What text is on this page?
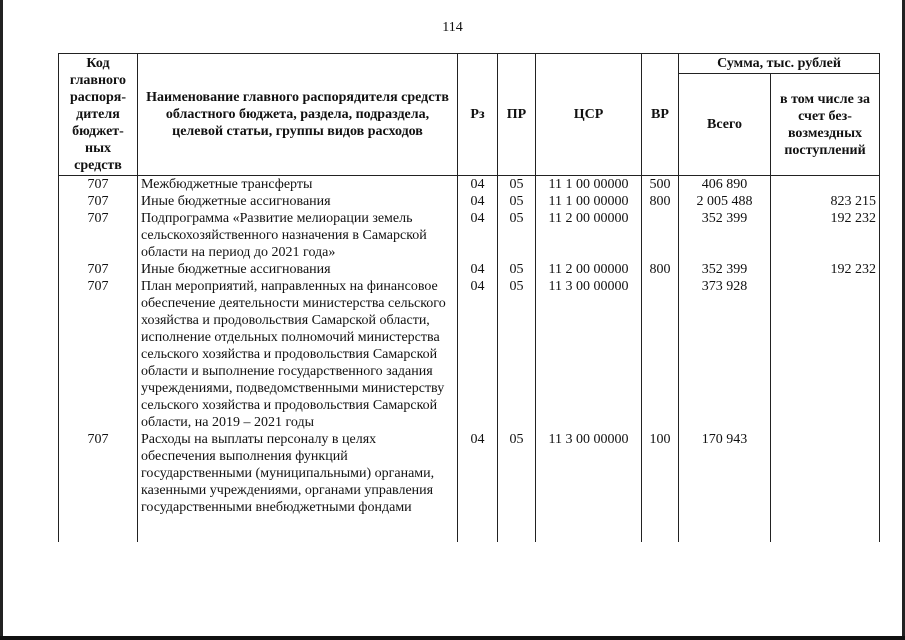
114
Код главного распоря-дителя бюджет-ных средств	Наименование главного распорядителя средств областного бюджета, раздела, подраздела, целевой статьи, группы видов расходов	Рз	ПР	ЦСР	ВР	Сумма, тыс. рублей	
						Всего	в том числе за счет без-возмездных поступлений
707	Межбюджетные трансферты	04	05	11 1 00 00000	500	406 890	
707	Иные бюджетные ассигнования	04	05	11 1 00 00000	800	2 005 488	823 215
707	Подпрограмма «Развитие мелиорации земель сельскохозяйственного назначения в Самарской области на период до 2021 года»	04	05	11 2 00 00000		352 399	192 232
707	Иные бюджетные ассигнования	04	05	11 2 00 00000	800	352 399	192 232
707	План мероприятий, направленных на финансовое обеспечение деятельности министерства сельского хозяйства и продовольствия Самарской области, исполнение отдельных полномочий министерства сельского хозяйства и продовольствия Самарской области и выполнение государственного задания учреждениями, подведомственными министерству сельского хозяйства и продовольствия Самарской области, на 2019 – 2021 годы	04	05	11 3 00 00000		373 928	
707	Расходы на выплаты персоналу в целях обеспечения выполнения функций государственными (муниципальными) органами, казенными учреждениями, органами управления государственными внебюджетными фондами	04	05	11 3 00 00000	100	170 943	
